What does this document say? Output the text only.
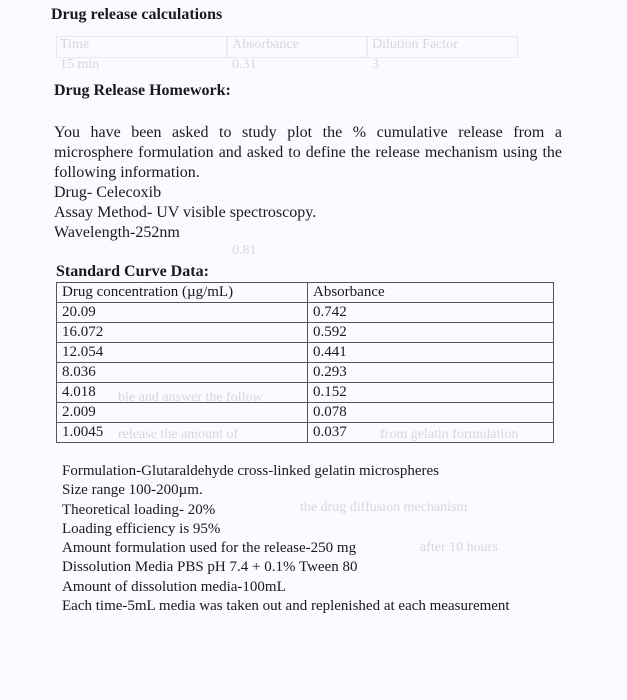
Time	Absorbance	Dilution Factor
15 min	0.31	3
0.81
ble and answer the follow
release the amount of
the drug diffusion mechanism
from gelatin formulation
after 10 hours
Drug release calculations
Drug Release Homework:

You have been asked to study plot the % cumulative release from a microsphere formulation and asked to define the release mechanism using the following information.

Drug- Celecoxib

Assay Method- UV visible spectroscopy.

Wavelength-252nm

Standard Curve Data:
Drug concentration (µg/mL)	Absorbance
20.09	0.742
16.072	0.592
12.054	0.441
8.036	0.293
4.018	0.152
2.009	0.078
1.0045	0.037

Formulation-Glutaraldehyde cross-linked gelatin microspheres

Size range 100-200µm.

Theoretical loading- 20%

Loading efficiency is 95%

Amount formulation used for the release-250 mg

Dissolution Media PBS pH 7.4 + 0.1% Tween 80

Amount of dissolution media-100mL

Each time-5mL media was taken out and replenished at each measurement
